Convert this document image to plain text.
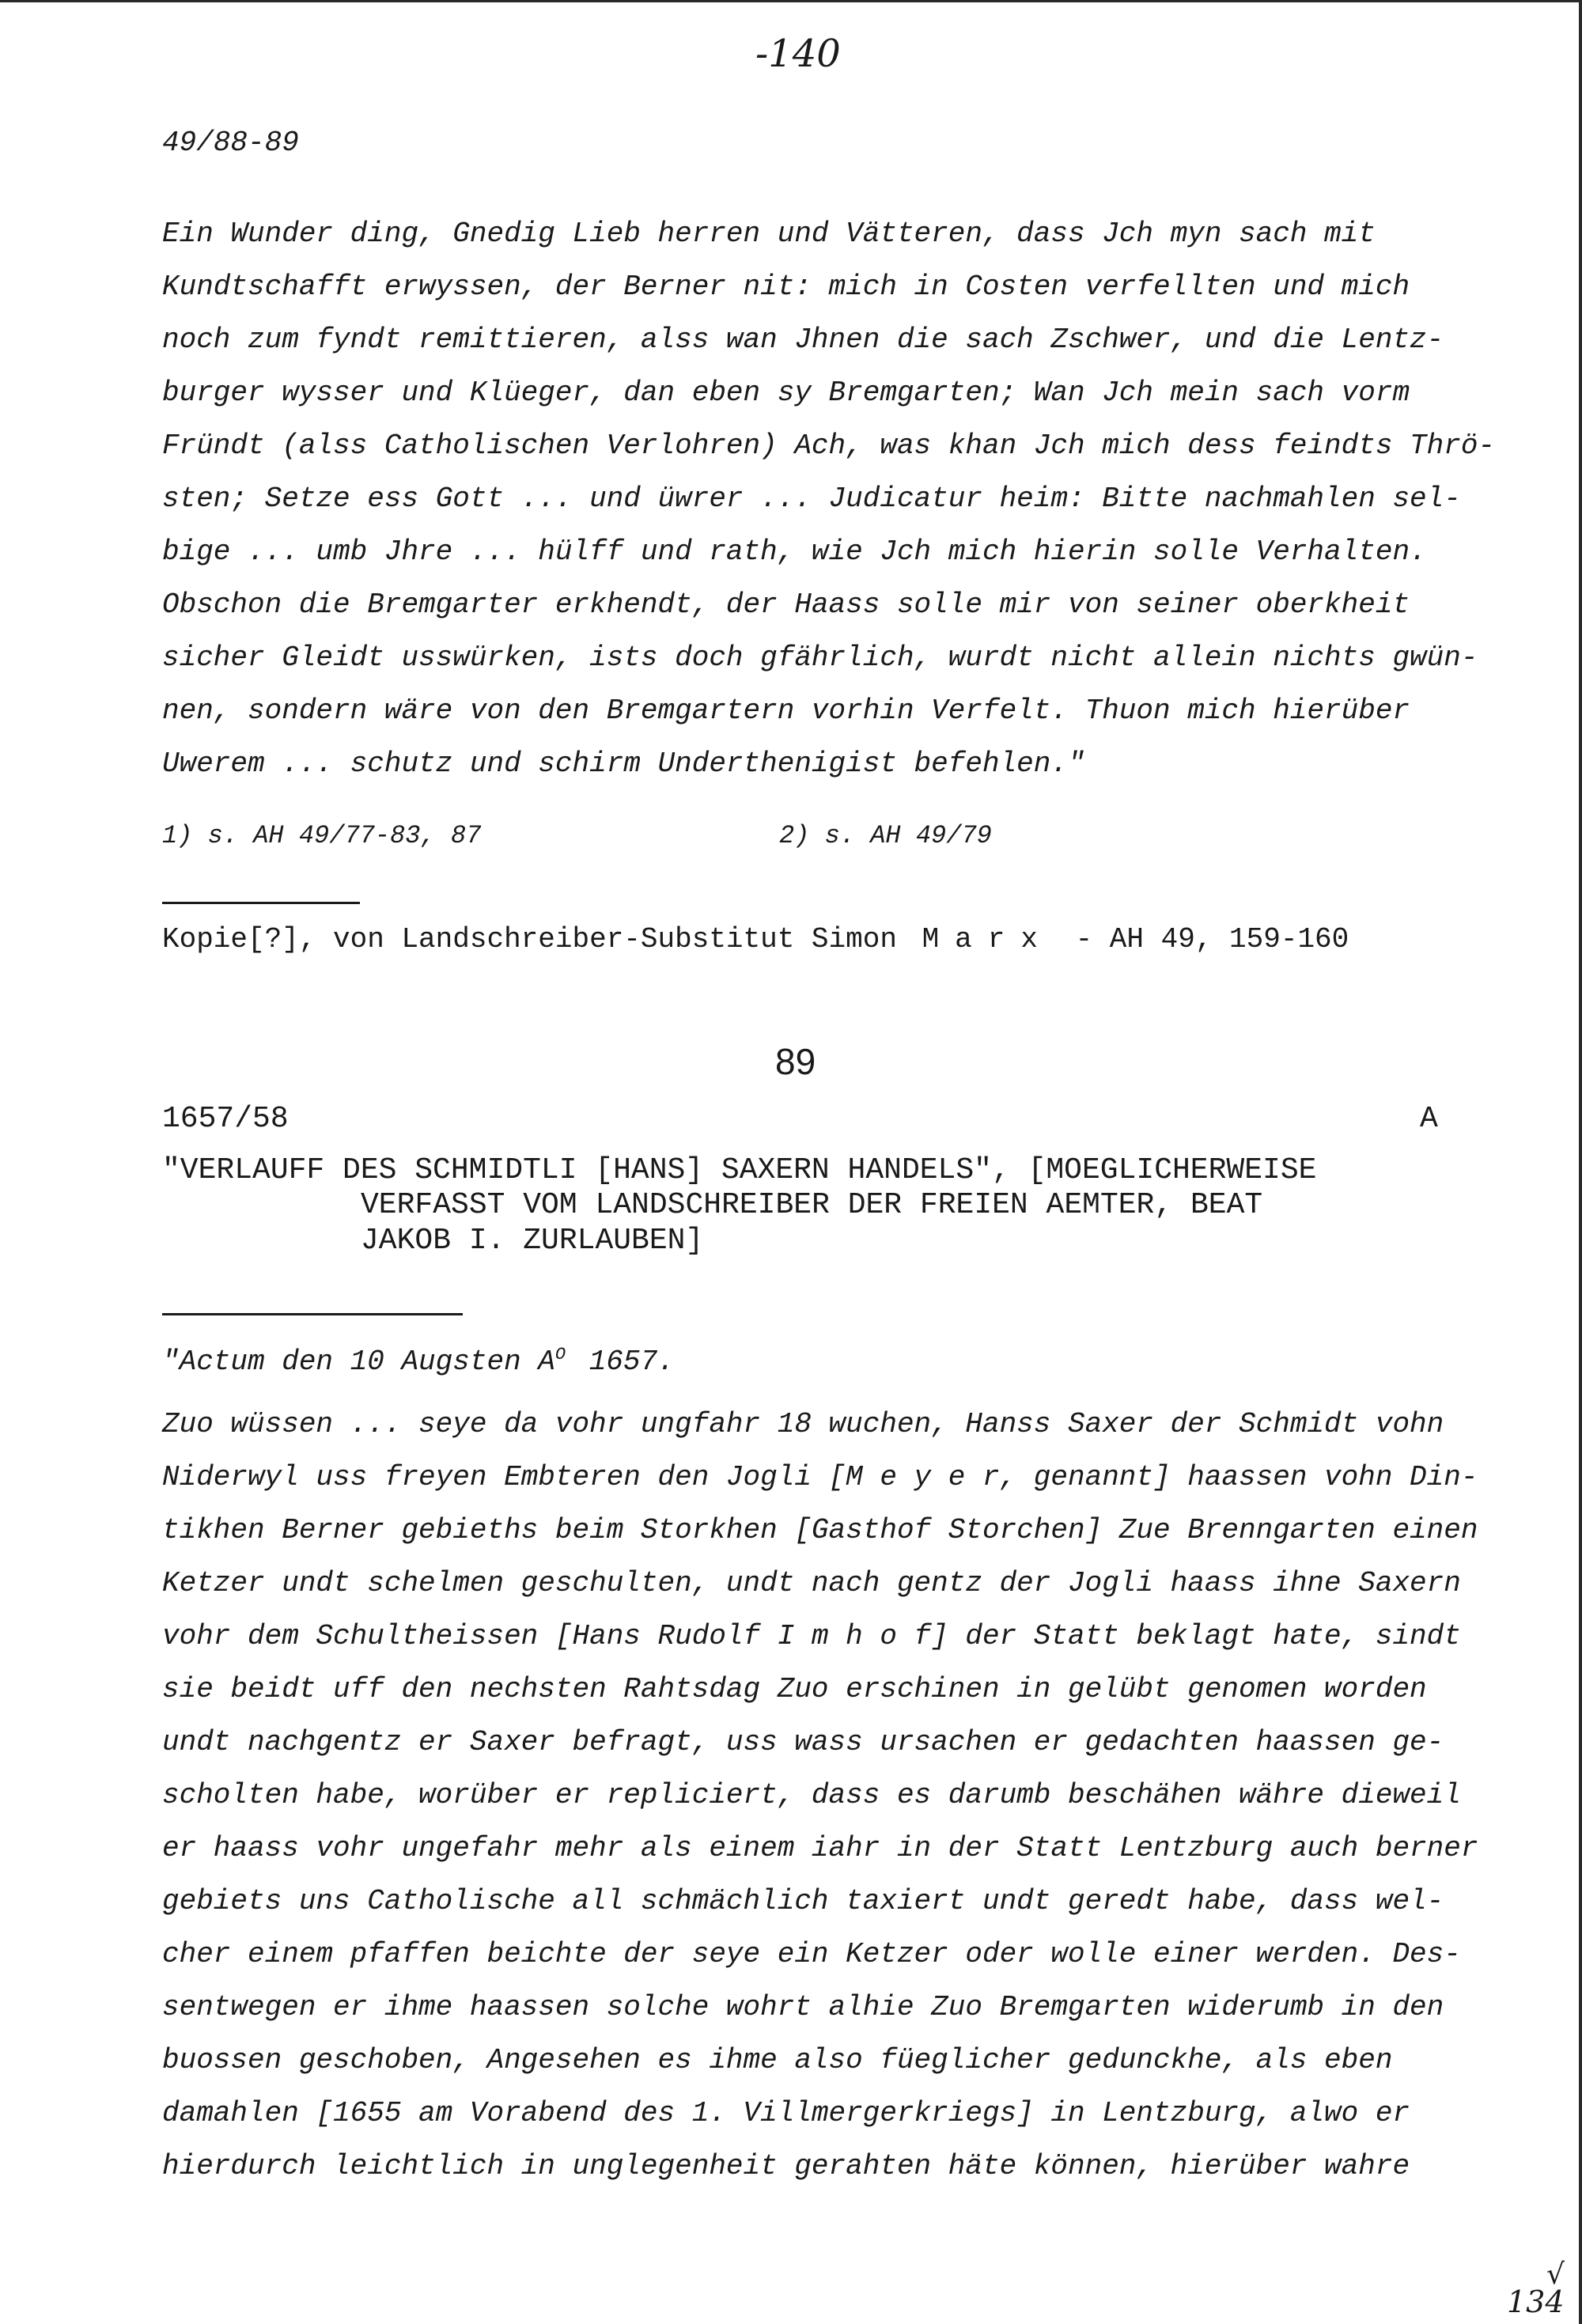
-140
49/88-89
Ein Wunder ding, Gnedig Lieb herren und Vätteren, dass Jch myn sach mit
Kundtschafft erwyssen, der Berner nit: mich in Costen verfellten und mich
noch zum fyndt remittieren, alss wan Jhnen die sach Zschwer, und die Lentz-
burger wysser und Klüeger, dan eben sy Bremgarten; Wan Jch mein sach vorm
Fründt (alss Catholischen Verlohren) Ach, was khan Jch mich dess feindts Thrö-
sten; Setze ess Gott ... und üwrer ... Judicatur heim: Bitte nachmahlen sel-
bige ... umb Jhre ... hülff und rath, wie Jch mich hierin solle Verhalten.
Obschon die Bremgarter erkhendt, der Haass solle mir von seiner oberkheit
sicher Gleidt usswürken, ists doch gfährlich, wurdt nicht allein nichts gwün-
nen, sondern wäre von den Bremgartern vorhin Verfelt. Thuon mich hierüber
Uwerem ... schutz und schirm Underthenigist befehlen."
1) s. AH 49/77-83, 87	2) s. AH 49/79
Kopie[?], von Landschreiber-Substitut Simon Marx - AH 49, 159-160
89
1657/58	A
"VERLAUFF DES SCHMIDTLI [HANS] SAXERN HANDELS", [MOEGLICHERWEISE
VERFASST VOM LANDSCHREIBER DER FREIEN AEMTER, BEAT
JAKOB I. ZURLAUBEN]
"Actum den 10 Augsten $A^O$ 1657.
Zuo wüssen ... seye da vohr ungfahr 18 wuchen, Hanss Saxer der Schmidt vohn
Niderwyl uss freyen Embteren den Jogli [M e y e r, genannt] haassen vohn Din-
tikhen Berner gebieths beim Storkhen [Gasthof Storchen] Zue Brenngarten einen
Ketzer undt schelmen geschulten, undt nach gentz der Jogli haass ihne Saxern
vohr dem Schultheissen [Hans Rudolf I m h o f] der Statt beklagt hate, sindt
sie beidt uff den nechsten Rahtsdag Zuo erschinen in gelübt genomen worden
undt nachgentz er Saxer befragt, uss wass ursachen er gedachten haassen ge-
scholten habe, worüber er repliciert, dass es darumb beschähen währe dieweil
er haass vohr ungefahr mehr als einem iahr in der Statt Lentzburg auch berner
gebiets uns Catholische all schmächlich taxiert undt geredt habe, dass wel-
cher einem pfaffen beichte der seye ein Ketzer oder wolle einer werden. Des-
sentwegen er ihme haassen solche wohrt alhie Zuo Bremgarten widerumb in den
buossen geschoben, Angesehen es ihme also füeglicher gedunckhe, als eben
damahlen [1655 am Vorabend des 1. Villmergerkriegs] in Lentzburg, alwo er
hierdurch leichtlich in unglegenheit gerahten häte können, hierüber wahre
√
134
